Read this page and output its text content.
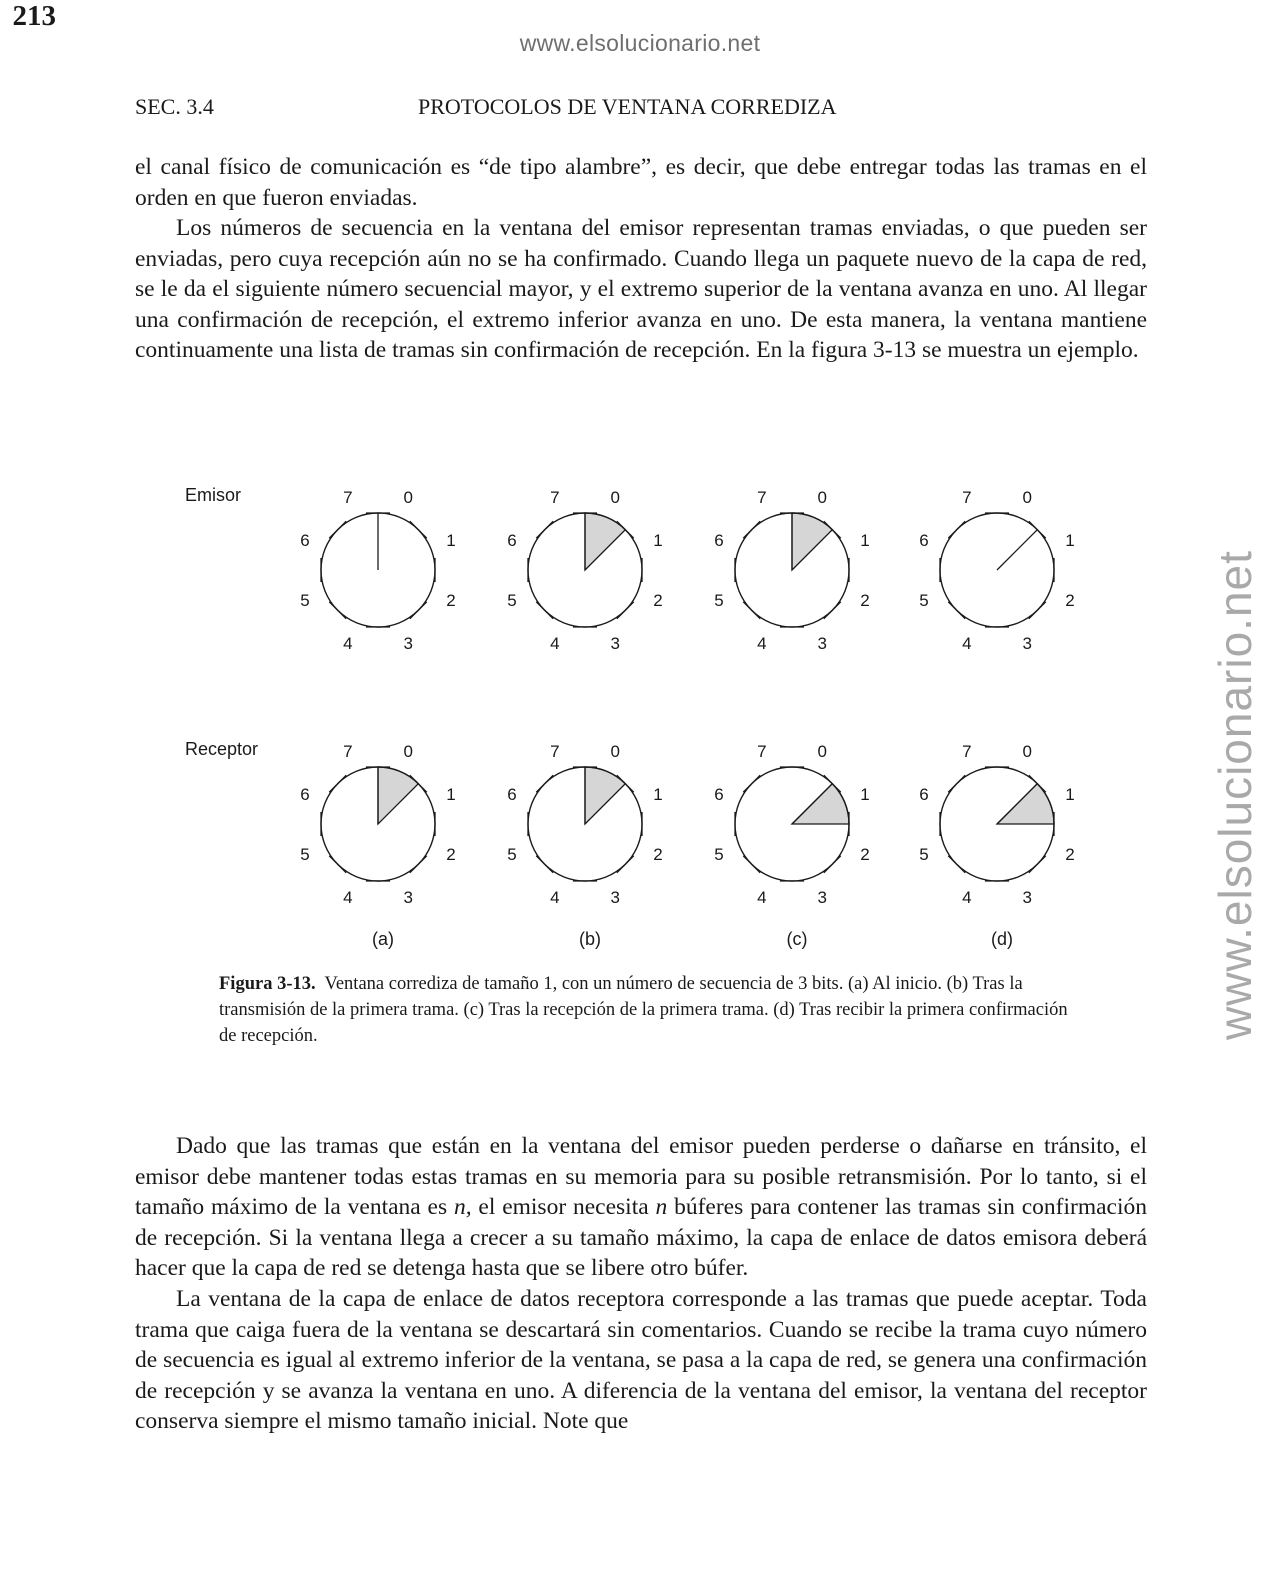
www.elsolucionario.net
www.elsolucionario.net
SEC. 3.4	PROTOCOLOS DE VENTANA CORREDIZA
213

el canal físico de comunicación es “de tipo alambre”, es decir, que debe entregar todas las tramas en el orden en que fueron enviadas.

Los números de secuencia en la ventana del emisor representan tramas enviadas, o que pueden ser enviadas, pero cuya recepción aún no se ha confirmado. Cuando llega un paquete nuevo de la capa de red, se le da el siguiente número secuencial mayor, y el extremo superior de la ventana avanza en uno. Al llegar una confirmación de recepción, el extremo inferior avanza en uno. De esta manera, la ventana mantiene continuamente una lista de tramas sin confirmación de recepción. En la figura 3-13 se muestra un ejemplo.

Emisor
Receptor
0
1
2
3
4
5
6
7	0
1
2
3
4
5
6
7	0
1
2
3
4
5
6
7	0
1
2
3
4
5
6
7
0
1
2
3
4
5
6
7	0
1
2
3
4
5
6
7	0
1
2
3
4
5
6
7	0
1
2
3
4
5
6
7
(a)	(b)	(c)	(d)

Figura 3-13. Ventana corrediza de tamaño 1, con un número de secuencia de 3 bits. (a) Al inicio. (b) Tras la transmisión de la primera trama. (c) Tras la recepción de la primera trama. (d) Tras recibir la primera confirmación de recepción.

Dado que las tramas que están en la ventana del emisor pueden perderse o dañarse en tránsito, el emisor debe mantener todas estas tramas en su memoria para su posible retransmisión. Por lo tanto, si el tamaño máximo de la ventana es n, el emisor necesita n búferes para contener las tramas sin confirmación de recepción. Si la ventana llega a crecer a su tamaño máximo, la capa de enlace de datos emisora deberá hacer que la capa de red se detenga hasta que se libere otro búfer.

La ventana de la capa de enlace de datos receptora corresponde a las tramas que puede aceptar. Toda trama que caiga fuera de la ventana se descartará sin comentarios. Cuando se recibe la trama cuyo número de secuencia es igual al extremo inferior de la ventana, se pasa a la capa de red, se genera una confirmación de recepción y se avanza la ventana en uno. A diferencia de la ventana del emisor, la ventana del receptor conserva siempre el mismo tamaño inicial. Note que
